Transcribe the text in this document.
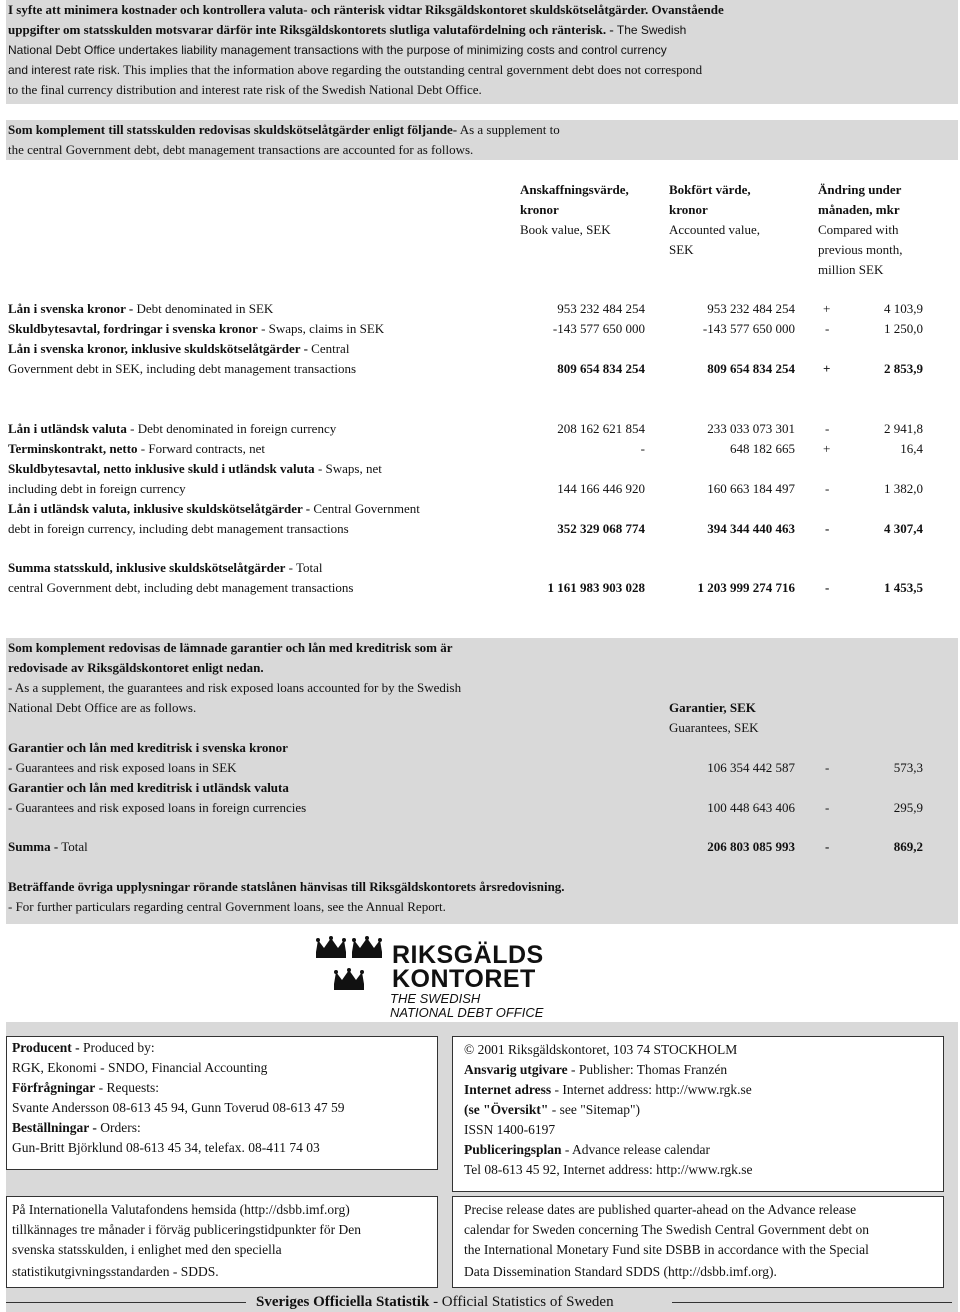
I syfte att minimera kostnader och kontrollera valuta- och ränterisk vidtar Riksgäldskontoret skuldskötselåtgärder. Ovanstående
uppgifter om statsskulden motsvarar därför inte Riksgäldskontorets slutliga valutafördelning och ränterisk. - The Swedish
National Debt Office undertakes liability management transactions with the purpose of minimizing costs and control currency
and interest rate risk. This implies that the information above regarding the outstanding central government debt does not correspond
to the final currency distribution and interest rate risk of the Swedish National Debt Office.
Som komplement till statsskulden redovisas skuldskötselåtgärder enligt följande- As a supplement to
the central Government debt, debt management transactions are accounted for as follows.
Anskaffningsvärde,
kronor
Book value, SEK
Bokfört värde,
kronor
Accounted value,
SEK
Ändring under
månaden, mkr
Compared with
previous month,
million SEK
Lån i svenska kronor - Debt denominated in SEK	953 232 484 254	953 232 484 254 +	4 103,9
Skuldbytesavtal, fordringar i svenska kronor - Swaps, claims in SEK	-143 577 650 000	-143 577 650 000 -	1 250,0
Lån i svenska kronor, inklusive skuldskötselåtgärder - Central
Government debt in SEK, including debt management transactions	809 654 834 254	809 654 834 254 +	2 853,9
Lån i utländsk valuta - Debt denominated in foreign currency	208 162 621 854	233 033 073 301 -	2 941,8
Terminskontrakt, netto - Forward contracts, net	-	648 182 665 +	16,4
Skuldbytesavtal, netto inklusive skuld i utländsk valuta - Swaps, net
including debt in foreign currency	144 166 446 920	160 663 184 497 -	1 382,0
Lån i utländsk valuta, inklusive skuldskötselåtgärder - Central Government
debt in foreign currency, including debt management transactions	352 329 068 774	394 344 440 463 -	4 307,4
Summa statsskuld, inklusive skuldskötselåtgärder - Total
central Government debt, including debt management transactions	1 161 983 903 028	1 203 999 274 716 -	1 453,5
Som komplement redovisas de lämnade garantier och lån med kreditrisk som är
redovisade av Riksgäldskontoret enligt nedan.
- As a supplement, the guarantees and risk exposed loans accounted for by the Swedish
National Debt Office are as follows.	Garantier, SEK
Guarantees, SEK
Garantier och lån med kreditrisk i svenska kronor
- Guarantees and risk exposed loans in SEK	106 354 442 587 -	573,3
Garantier och lån med kreditrisk i utländsk valuta
- Guarantees and risk exposed loans in foreign currencies	100 448 643 406 -	295,9
Summa - Total	206 803 085 993 -	869,2
Beträffande övriga upplysningar rörande statslånen hänvisas till Riksgäldskontorets årsredovisning.
- For further particulars regarding central Government loans, see the Annual Report.
RIKSGÄLDS
KONTORET
THE SWEDISH
NATIONAL DEBT OFFICE
Producent - Produced by:
RGK, Ekonomi - SNDO, Financial Accounting
Förfrågningar - Requests:
Svante Andersson 08-613 45 94, Gunn Toverud 08-613 47 59
Beställningar - Orders:
Gun-Britt Björklund 08-613 45 34, telefax. 08-411 74 03
© 2001 Riksgäldskontoret, 103 74 STOCKHOLM
Ansvarig utgivare - Publisher: Thomas Franzén
Internet adress - Internet address: http://www.rgk.se
(se "Översikt" - see "Sitemap")
ISSN 1400-6197
Publiceringsplan - Advance release calendar
Tel 08-613 45 92, Internet address: http://www.rgk.se
På Internationella Valutafondens hemsida (http://dsbb.imf.org)
tillkännages tre månader i förväg publiceringstidpunkter för Den
svenska statsskulden, i enlighet med den speciella
statistikutgivningsstandarden - SDDS.
Precise release dates are published quarter-ahead on the Advance release
calendar for Sweden concerning The Swedish Central Government debt on
the International Monetary Fund site DSBB in accordance with the Special
Data Dissemination Standard SDDS (http://dsbb.imf.org).
Sveriges Officiella Statistik - Official Statistics of Sweden
